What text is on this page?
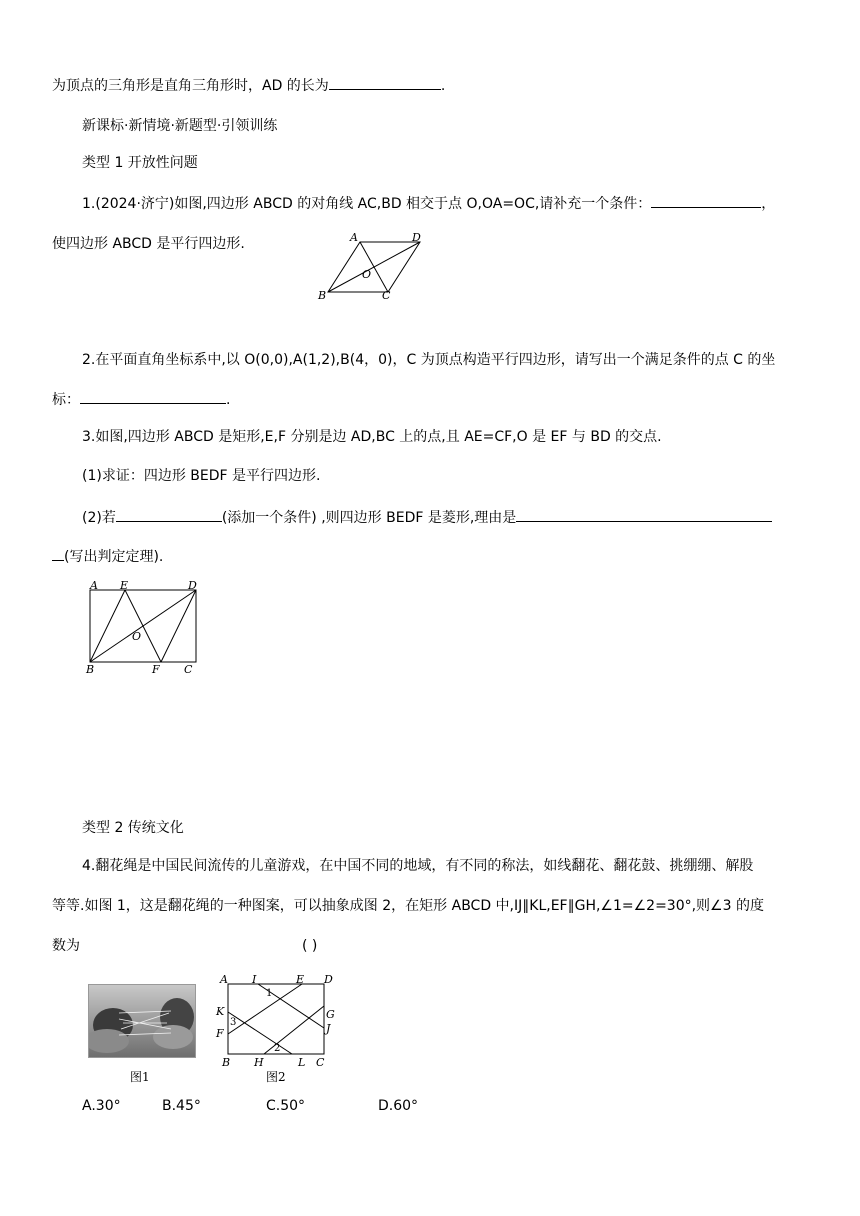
为顶点的三角形是直角三角形时，AD 的长为	.
新课标·新情境·新题型·引领训练
类型 1 开放性问题
1.(2024·济宁)如图,四边形 ABCD 的对角线 AC,BD 相交于点 O,OA=OC,请补充一个条件：	，
使四边形 ABCD 是平行四边形.	A	D
B	C
O
2.在平面直角坐标系中,以 O(0,0),A(1,2),B(4，0)，C 为顶点构造平行四边形，请写出一个满足条件的点 C 的坐
标：	.
3.如图,四边形 ABCD 是矩形,E,F 分别是边 AD,BC 上的点,且 AE=CF,O 是 EF 与 BD 的交点.
(1)求证：四边形 BEDF 是平行四边形.
(2)若	(添加一个条件) ,则四边形 BEDF 是菱形,理由是
(写出判定定理).
A E	D
B	F C
O
类型 2 传统文化
4.翻花绳是中国民间流传的儿童游戏，在中国不同的地域，有不同的称法，如线翻花、翻花鼓、挑绷绷、解股
等等.如图 1，这是翻花绳的一种图案，可以抽象成图 2，在矩形 ABCD 中,IJ∥KL,EF∥GH,∠1=∠2=30°,则∠3 的度
数为	( )
图1
A I	E D
K	G
J
F
B H	L C
1
3
2
图2
A.30°	B.45°	C.50°	D.60°
